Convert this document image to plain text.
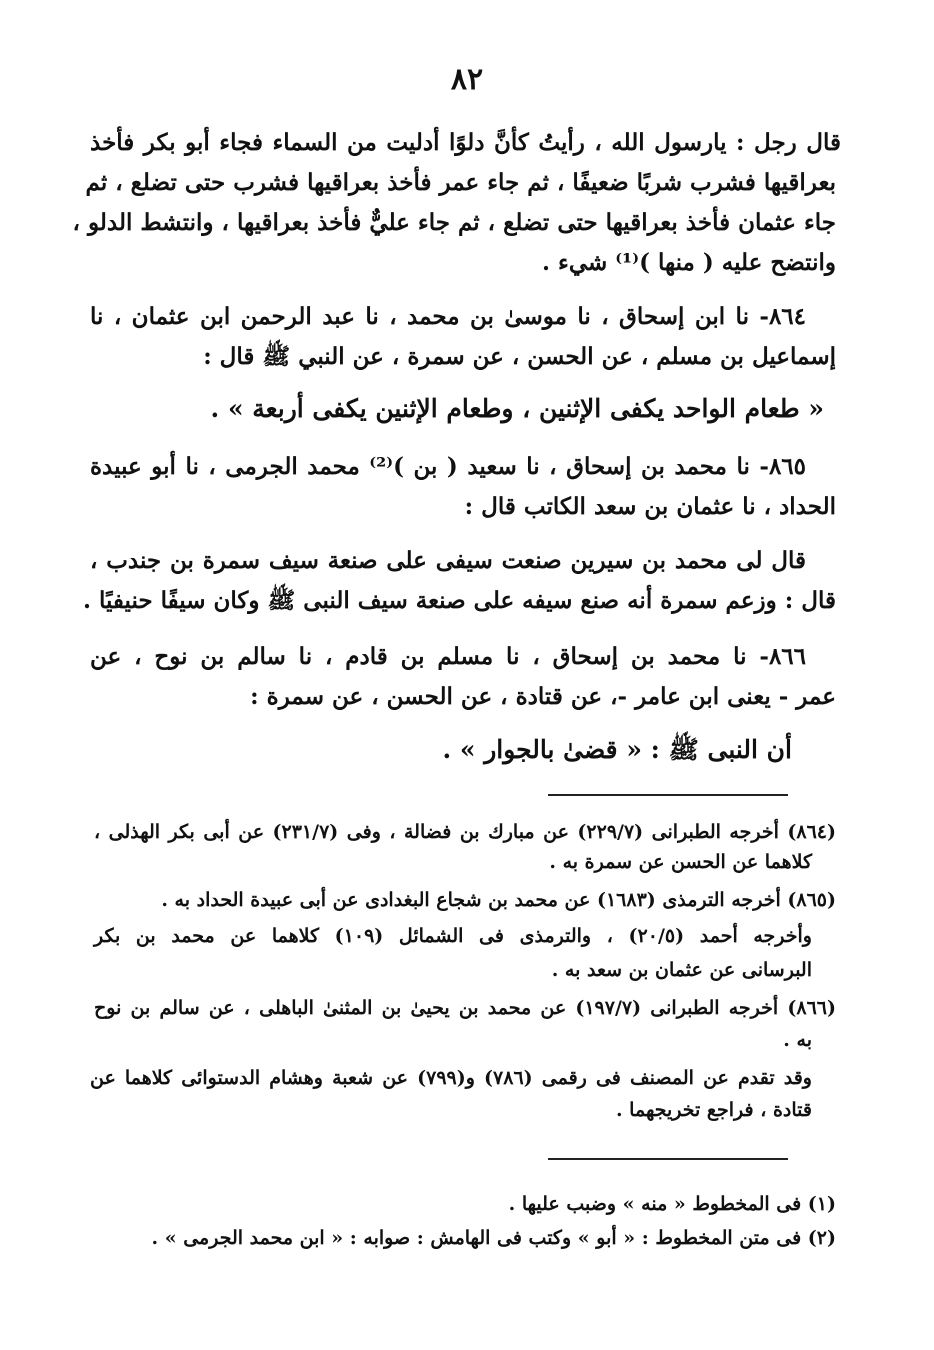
٨٢
قال رجل : يارسول الله ، رأيتُ كأنَّ دلوًا أدليت من السماء فجاء أبو بكر فأخذ
بعراقيها فشرب شربًا ضعيفًا ، ثم جاء عمر فأخذ بعراقيها فشرب حتى تضلع ، ثم
جاء عثمان فأخذ بعراقيها حتى تضلع ، ثم جاء عليٌّ فأخذ بعراقيها ، وانتشط الدلو ،
وانتضح عليه ( منها )⁽¹⁾ شيء .
٨٦٤- نا ابن إسحاق ، نا موسىٰ بن محمد ، نا عبد الرحمن ابن عثمان ، نا
إسماعيل بن مسلم ، عن الحسن ، عن سمرة ، عن النبي ﷺ قال :
« طعام الواحد يكفى الإثنين ، وطعام الإثنين يكفى أربعة » .
٨٦٥- نا محمد بن إسحاق ، نا سعيد ( بن )⁽²⁾ محمد الجرمى ، نا أبو عبيدة
الحداد ، نا عثمان بن سعد الكاتب قال :
قال لى محمد بن سيرين صنعت سيفى على صنعة سيف سمرة بن جندب ،
قال : وزعم سمرة أنه صنع سيفه على صنعة سيف النبى ﷺ وكان سيفًا حنيفيًا .
٨٦٦- نا محمد بن إسحاق ، نا مسلم بن قادم ، نا سالم بن نوح ، عن
عمر - يعنى ابن عامر -، عن قتادة ، عن الحسن ، عن سمرة :
أن النبى ﷺ : « قضىٰ بالجوار » .
(٨٦٤) أخرجه الطبرانى (٢٢٩/٧) عن مبارك بن فضالة ، وفى (٢٣١/٧) عن أبى بكر الهذلى ،
كلاهما عن الحسن عن سمرة به .
(٨٦٥) أخرجه الترمذى (١٦٨٣) عن محمد بن شجاع البغدادى عن أبى عبيدة الحداد به .
وأخرجه أحمد (٢٠/٥) ، والترمذى فى الشمائل (١٠٩) كلاهما عن محمد بن بكر
البرسانى عن عثمان بن سعد به .
(٨٦٦) أخرجه الطبرانى (١٩٧/٧) عن محمد بن يحيىٰ بن المثنىٰ الباهلى ، عن سالم بن نوح
به .
وقد تقدم عن المصنف فى رقمى (٧٨٦) و(٧٩٩) عن شعبة وهشام الدستوائى كلاهما عن
قتادة ، فراجع تخريجهما .
(١) فى المخطوط « منه » وضبب عليها .
(٢) فى متن المخطوط : « أبو » وكتب فى الهامش : صوابه : « ابن محمد الجرمى » .
